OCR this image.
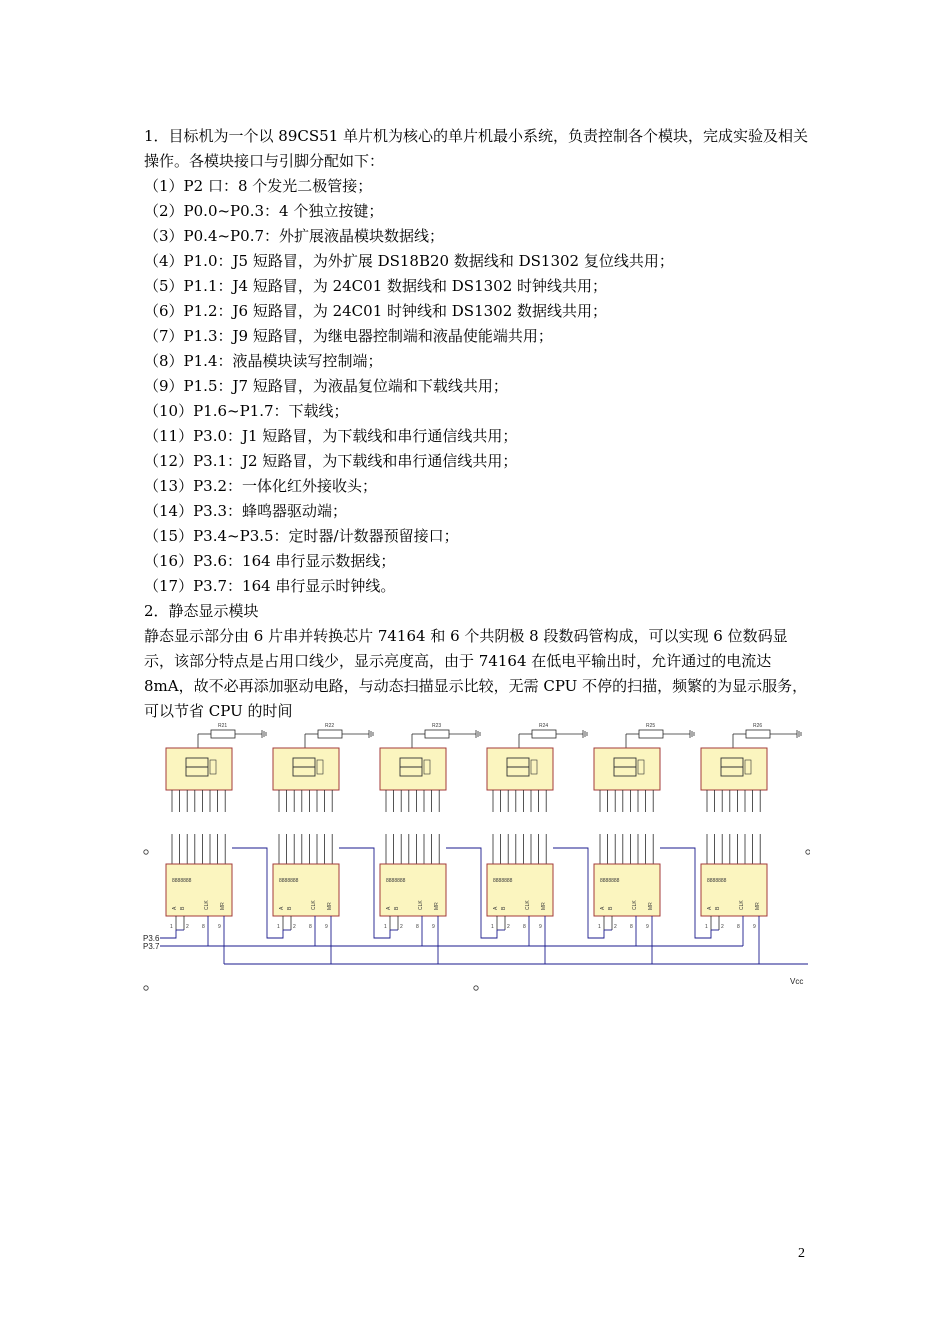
1．目标机为一个以 89CS51 单片机为核心的单片机最小系统，负责控制各个模块，完成实验及相关操作。各模块接口与引脚分配如下：

（1）P2 口：8 个发光二极管接；

（2）P0.0~P0.3：4 个独立按键；

（3）P0.4~P0.7：外扩展液晶模块数据线；

（4）P1.0：J5 短路冒，为外扩展 DS18B20 数据线和 DS1302 复位线共用；

（5）P1.1：J4 短路冒，为 24C01 数据线和 DS1302 时钟线共用；

（6）P1.2：J6 短路冒，为 24C01 时钟线和 DS1302 数据线共用；

（7）P1.3：J9 短路冒，为继电器控制端和液晶使能端共用；

（8）P1.4：液晶模块读写控制端；

（9）P1.5：J7 短路冒，为液晶复位端和下载线共用；

（10）P1.6~P1.7：下载线；

（11）P3.0：J1 短路冒，为下载线和串行通信线共用；

（12）P3.1：J2 短路冒，为下载线和串行通信线共用；

（13）P3.2：一体化红外接收头；

（14）P3.3：蜂鸣器驱动端；

（15）P3.4~P3.5：定时器/计数器预留接口；

（16）P3.6：164 串行显示数据线；

（17）P3.7：164 串行显示时钟线。

2．静态显示模块

静态显示部分由 6 片串并转换芯片 74164 和 6 个共阴极 8 段数码管构成，可以实现 6 位数码显示，该部分特点是占用口线少，显示亮度高，由于 74164 在低电平输出时，允许通过的电流达 8mA，故不必再添加驱动电路，与动态扫描显示比较，无需 CPU 不停的扫描，频繁的为显示服务，可以节省 CPU 的时间

R21
8888888
A B	CLK MR
1	2	8	9
R22
8888888
A B	CLK MR
1	2	8	9
R23
8888888
A B	CLK MR
1	2	8	9
R24
8888888
A B	CLK MR
1	2	8	9
R25
8888888
A B	CLK MR
1	2	8	9
R26
8888888
A B	CLK MR
1	2	8	9
P3.6
P3.7
Vcc
2
